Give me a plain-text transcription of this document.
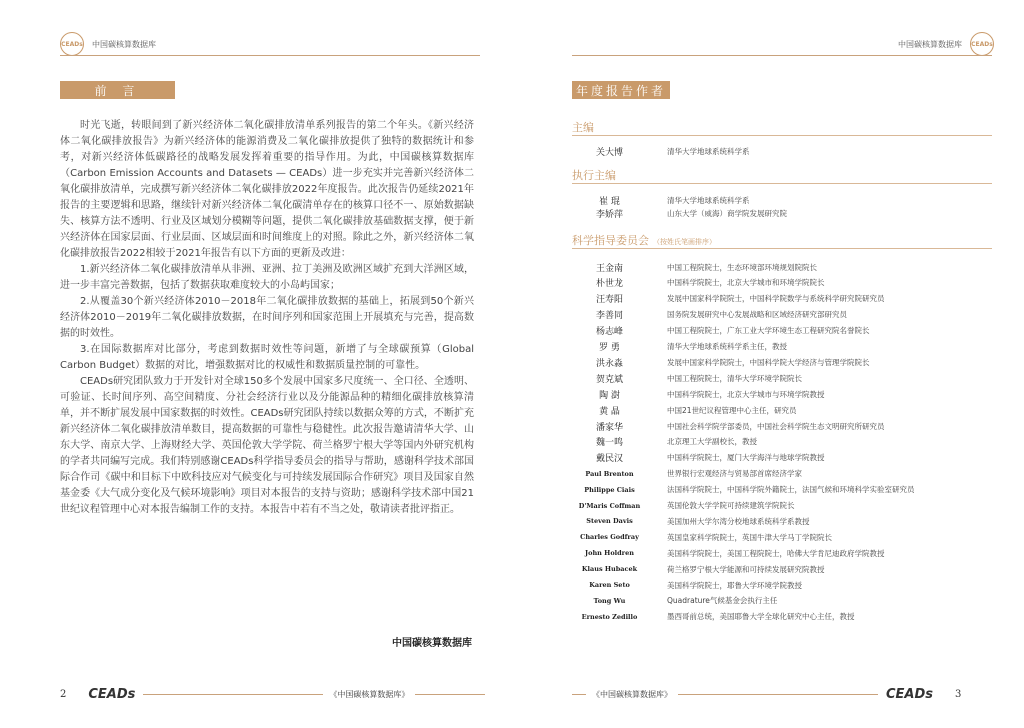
CEADs 中国碳核算数据库
前 言

时光飞逝，转眼间到了新兴经济体二氧化碳排放清单系列报告的第二个年头。《新兴经济体二氧化碳排放报告》为新兴经济体的能源消费及二氧化碳排放提供了独特的数据统计和参考，对新兴经济体低碳路径的战略发展发挥着重要的指导作用。为此，中国碳核算数据库（Carbon Emission Accounts and Datasets — CEADs）进一步充实并完善新兴经济体二氧化碳排放清单，完成撰写新兴经济体二氧化碳排放2022年度报告。此次报告仍延续2021年报告的主要逻辑和思路，继续针对新兴经济体二氧化碳清单存在的核算口径不一、原始数据缺失、核算方法不透明、行业及区域划分模糊等问题，提供二氧化碳排放基础数据支撑，便于新兴经济体在国家层面、行业层面、区域层面和时间维度上的对照。除此之外，新兴经济体二氧化碳排放报告2022相较于2021年报告有以下方面的更新及改进：

1.新兴经济体二氧化碳排放清单从非洲、亚洲、拉丁美洲及欧洲区域扩充到大洋洲区域，进一步丰富完善数据，包括了数据获取难度较大的小岛屿国家；

2.从覆盖30个新兴经济体2010－2018年二氧化碳排放数据的基础上，拓展到50个新兴经济体2010－2019年二氧化碳排放数据，在时间序列和国家范围上开展填充与完善，提高数据的时效性。

3.在国际数据库对比部分，考虑到数据时效性等问题，新增了与全球碳预算（Global Carbon Budget）数据的对比，增强数据对比的权威性和数据质量控制的可靠性。

CEADs研究团队致力于开发针对全球150多个发展中国家多尺度统一、全口径、全透明、可验证、长时间序列、高空间精度、分社会经济行业以及分能源品种的精细化碳排放核算清单，并不断扩展发展中国家数据的时效性。CEADs研究团队持续以数据众筹的方式，不断扩充新兴经济体二氧化碳排放清单数目，提高数据的可靠性与稳健性。此次报告邀请清华大学、山东大学、南京大学、上海财经大学、英国伦敦大学学院、荷兰格罗宁根大学等国内外研究机构的学者共同编写完成。我们特别感谢CEADs科学指导委员会的指导与帮助，感谢科学技术部国际合作司《碳中和目标下中欧科技应对气候变化与可持续发展国际合作研究》项目及国家自然基金委《大气成分变化及气候环境影响》项目对本报告的支持与资助；感谢科学技术部中国21世纪议程管理中心对本报告编制工作的支持。本报告中若有不当之处，敬请读者批评指正。

中国碳核算数据库
2 CEADs	《中国碳核算数据库》
中国碳核算数据库 CEADs
年度报告作者
主编
关大博	清华大学地球系统科学系
执行主编
崔 琨	清华大学地球系统科学系
李娇萍	山东大学（威海）商学院发展研究院
科学指导委员会 （按姓氏笔画排序）
王金南	中国工程院院士，生态环境部环境规划院院长
朴世龙	中国科学院院士，北京大学城市和环境学院院长
汪寿阳	发展中国家科学院院士，中国科学院数学与系统科学研究院研究员
李善同	国务院发展研究中心发展战略和区域经济研究部研究员
杨志峰	中国工程院院士，广东工业大学环境生态工程研究院名誉院长
罗 勇	清华大学地球系统科学系主任，教授
洪永淼	发展中国家科学院院士，中国科学院大学经济与管理学院院长
贺克斌	中国工程院院士，清华大学环境学院院长
陶 澍	中国科学院院士，北京大学城市与环境学院教授
黄 晶	中国21世纪议程管理中心主任，研究员
潘家华	中国社会科学院学部委员，中国社会科学院生态文明研究所研究员
魏一鸣	北京理工大学副校长，教授
戴民汉	中国科学院院士，厦门大学海洋与地球学院教授
Paul Brenton	世界银行宏观经济与贸易部首席经济学家
Philippe Ciais	法国科学院院士，中国科学院外籍院士，法国气候和环境科学实验室研究员
D'Maris Coffman	英国伦敦大学学院可持续建筑学院院长
Steven Davis	美国加州大学尔湾分校地球系统科学系教授
Charles Godfray	英国皇家科学院院士，英国牛津大学马丁学院院长
John Holdren	美国科学院院士，美国工程院院士，哈佛大学肯尼迪政府学院教授
Klaus Hubacek	荷兰格罗宁根大学能源和可持续发展研究院教授
Karen Seto	美国科学院院士，耶鲁大学环境学院教授
Tong Wu	Quadrature气候基金会执行主任
Ernesto Zedillo	墨西哥前总统，美国耶鲁大学全球化研究中心主任，教授
《中国碳核算数据库》	CEADs 3
